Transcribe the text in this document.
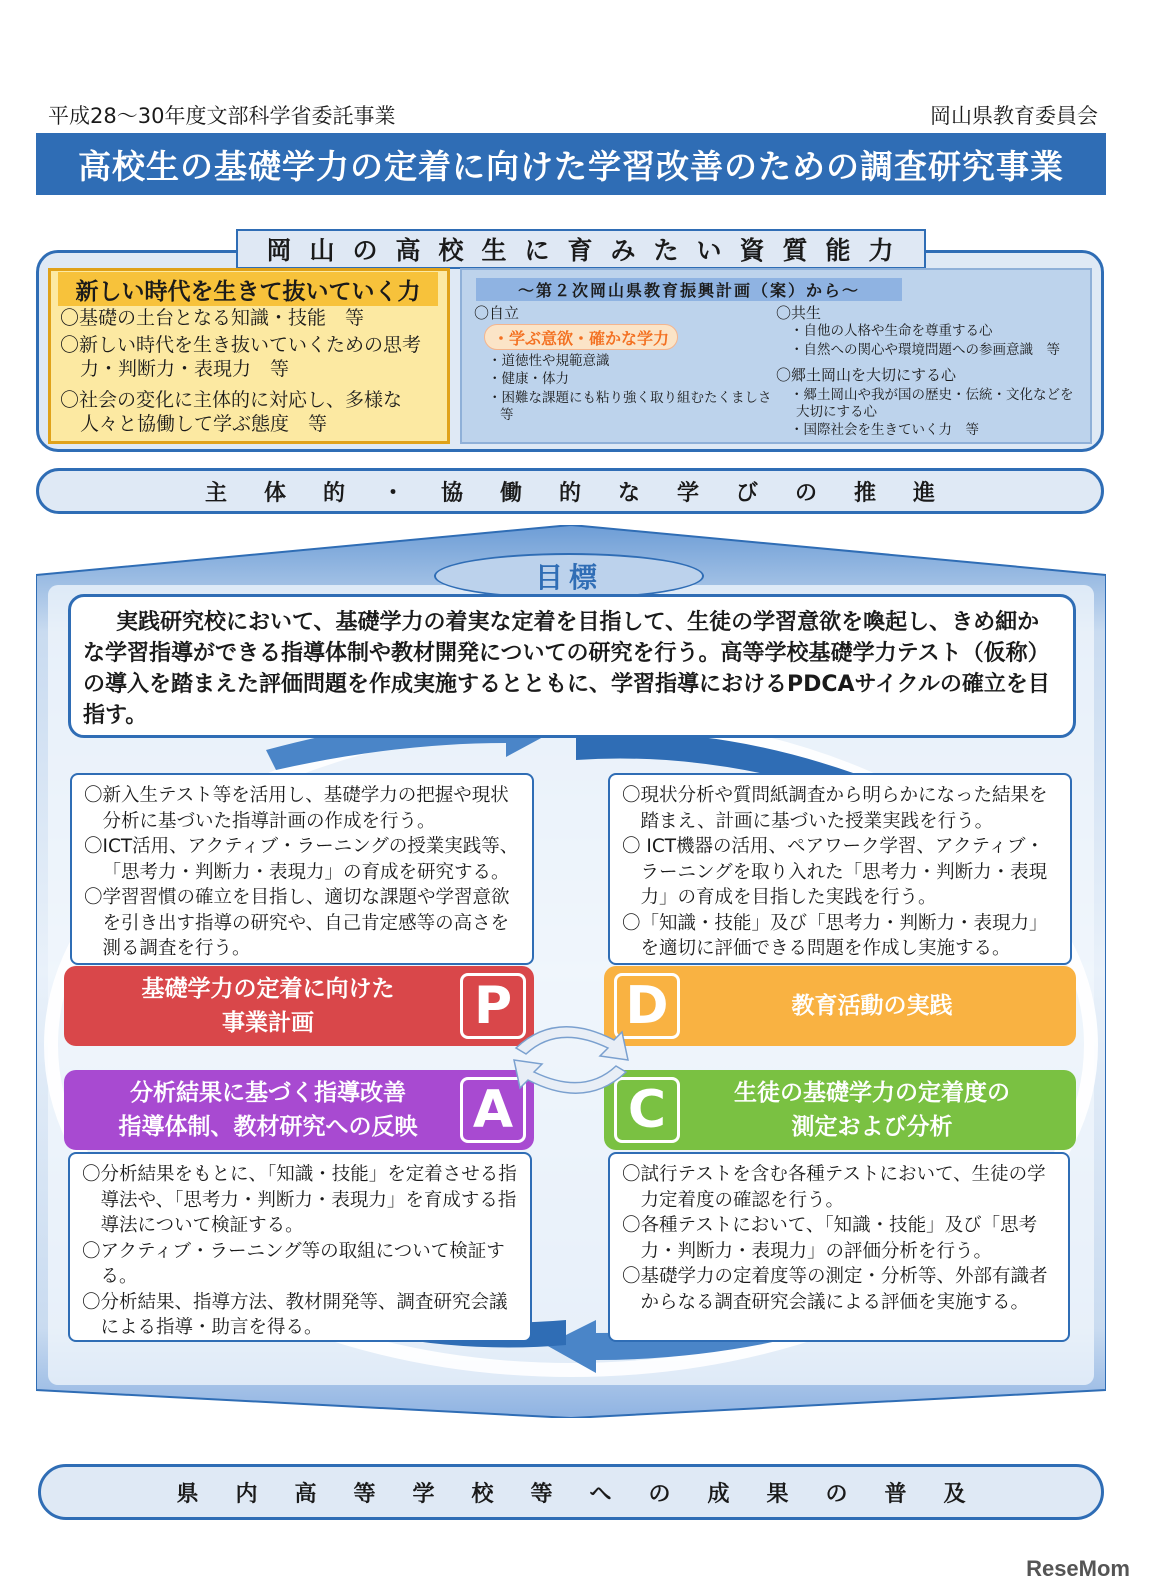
平成28～30年度文部科学省委託事業	岡山県教育委員会
高校生の基礎学力の定着に向けた学習改善のための調査研究事業
岡山の高校生に育みたい資質能力
新しい時代を生きて抜いていく力
〇基礎の土台となる知識・技能　等
〇新しい時代を生き抜いていくための思考力・判断力・表現力　等
〇社会の変化に主体的に対応し、多様な人々と協働して学ぶ態度　等
～第２次岡山県教育振興計画（案）から～
〇自立
・学ぶ意欲・確かな学力
・道徳性や規範意識
・健康・体力
・困難な課題にも粘り強く取り組むたくましさ
等
〇共生
・自他の人格や生命を尊重する心
・自然への関心や環境問題への参画意識　等
〇郷土岡山を大切にする心
・郷土岡山や我が国の歴史・伝統・文化などを
大切にする心
・国際社会を生きていく力　等
主体的・協働的な学びの推進
目標
実践研究校において、基礎学力の着実な定着を目指して、生徒の学習意欲を喚起し、きめ細かな学習指導ができる指導体制や教材開発についての研究を行う。高等学校基礎学力テスト（仮称）の導入を踏まえた評価問題を作成実施するとともに、学習指導におけるPDCAサイクルの確立を目指す。

〇新入生テスト等を活用し、基礎学力の把握や現状分析に基づいた指導計画の作成を行う。

〇ICT活用、アクティブ・ラーニングの授業実践等、「思考力・判断力・表現力」の育成を研究する。

〇学習習慣の確立を目指し、適切な課題や学習意欲を引き出す指導の研究や、自己肯定感等の高さを測る調査を行う。

〇現状分析や質問紙調査から明らかになった結果を踏まえ、計画に基づいた授業実践を行う。

〇 ICT機器の活用、ペアワーク学習、アクティブ・ラーニングを取り入れた「思考力・判断力・表現力」の育成を目指した実践を行う。

〇「知識・技能」及び「思考力・判断力・表現力」を適切に評価できる問題を作成し実施する。

基礎学力の定着に向けた
事業計画	P D	教育活動の実践
分析結果に基づく指導改善
指導体制、教材研究への反映	A C	生徒の基礎学力の定着度の
測定および分析

〇分析結果をもとに、「知識・技能」を定着させる指導法や、「思考力・判断力・表現力」を育成する指導法について検証する。

〇アクティブ・ラーニング等の取組について検証する。

〇分析結果、指導方法、教材開発等、調査研究会議による指導・助言を得る。

〇試行テストを含む各種テストにおいて、生徒の学力定着度の確認を行う。

〇各種テストにおいて、「知識・技能」及び「思考力・判断力・表現力」の評価分析を行う。

〇基礎学力の定着度等の測定・分析等、外部有識者からなる調査研究会議による評価を実施する。

県内高等学校等への成果の普及
ReseMom
